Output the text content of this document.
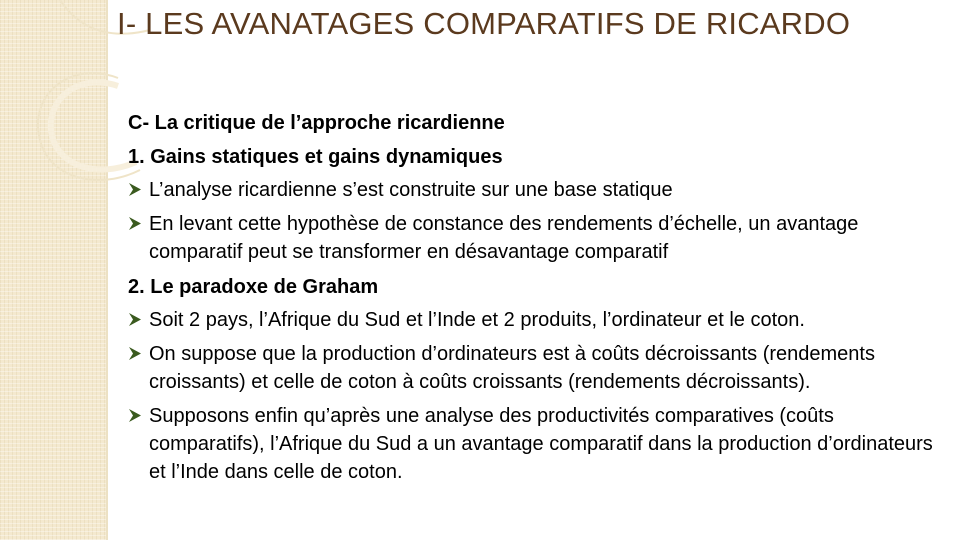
I- LES AVANATAGES COMPARATIFS DE RICARDO

C- La critique de l’approche ricardienne

1. Gains statiques et gains dynamiques

L’analyse ricardienne s’est construite sur une base statique

En levant cette hypothèse de constance des rendements d’échelle, un avantage comparatif peut se transformer en désavantage comparatif

2. Le paradoxe de Graham

Soit 2 pays, l’Afrique du Sud et l’Inde et 2 produits, l’ordinateur et le coton.

On suppose que la production d’ordinateurs est à coûts décroissants (rendements croissants) et celle de coton à coûts croissants (rendements décroissants).

Supposons enfin qu’après une analyse des productivités comparatives (coûts comparatifs), l’Afrique du Sud a un avantage comparatif dans la production d’ordinateurs et l’Inde dans celle de coton.
